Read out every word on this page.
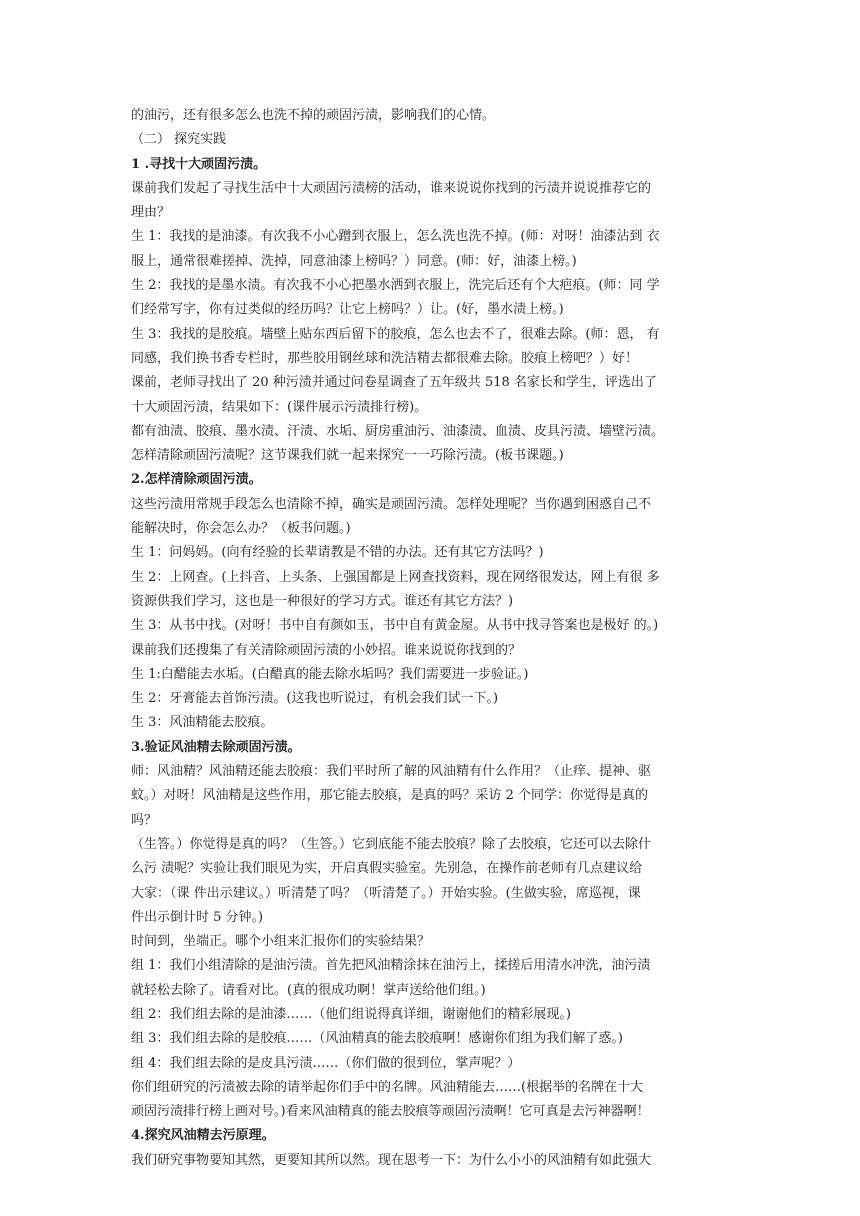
的油污，还有很多怎么也洗不掉的顽固污渍，影响我们的心情。
（二） 探究实践
1 .寻找十大顽固污渍。
课前我们发起了寻找生活中十大顽固污渍榜的活动，谁来说说你找到的污渍并说说推荐它的
理由？
生 1：我找的是油漆。有次我不小心蹭到衣服上，怎么洗也洗不掉。(师：对呀！油漆沾到 衣
服上，通常很难搓掉、洗掉，同意油漆上榜吗？）同意。(师：好，油漆上榜。)
生 2：我找的是墨水渍。有次我不小心把墨水洒到衣服上，洗完后还有个大疤痕。(师：同 学
们经常写字，你有过类似的经历吗？让它上榜吗？）让。(好，墨水渍上榜。)
生 3：我找的是胶痕。墙壁上贴东西后留下的胶痕，怎么也去不了，很难去除。(师：恩， 有
同感，我们换书香专栏时，那些胶用钢丝球和洗洁精去都很难去除。胶痕上榜吧？）好！
课前，老师寻找出了 20 种污渍并通过问卷星调查了五年级共 518 名家长和学生，评选出了
十大顽固污渍，结果如下：(课件展示污渍排行榜)。
都有油渍、胶痕、墨水渍、汗渍、水垢、厨房重油污、油漆渍、血渍、皮具污渍、墙壁污渍。
怎样清除顽固污渍呢？这节课我们就一起来探究一一巧除污渍。(板书课题。)
2.怎样清除顽固污渍。
这些污渍用常规手段怎么也清除不掉，确实是顽固污渍。怎样处理呢？当你遇到困惑自己不
能解决时，你会怎么办？（板书问题。)
生 1：问妈妈。(向有经验的长辈请教是不错的办法。还有其它方法吗？)
生 2：上网查。(上抖音、上头条、上强国都是上网查找资料，现在网络很发达，网上有很 多
资源供我们学习，这也是一种很好的学习方式。谁还有其它方法？)
生 3：从书中找。(对呀！书中自有颜如玉，书中自有黄金屋。从书中找寻答案也是极好 的。)
课前我们还搜集了有关清除顽固污渍的小妙招。谁来说说你找到的？
生 1:白醋能去水垢。(白醋真的能去除水垢吗？我们需要进一步验证。)
生 2：牙膏能去首饰污渍。(这我也听说过，有机会我们试一下。)
生 3：风油精能去胶痕。
3.验证风油精去除顽固污渍。
师：风油精？风油精还能去胶痕：我们平时所了解的风油精有什么作用？（止痒、提神、驱
蚊。）对呀！风油精是这些作用，那它能去胶痕，是真的吗？采访 2 个同学：你觉得是真的
吗？
（生答。）你觉得是真的吗？（生答。）它到底能不能去胶痕？除了去胶痕，它还可以去除什
么污 渍呢？实验让我们眼见为实，开启真假实验室。先别急，在操作前老师有几点建议给
大家：（课 件出示建议。）听清楚了吗？（听清楚了。）开始实验。(生做实验，席巡视，课
件出示倒计时 5 分钟。)
时间到，坐端正。哪个小组来汇报你们的实验结果？
组 1：我们小组清除的是油污渍。首先把风油精涂抹在油污上，揉搓后用清水冲洗，油污渍
就轻松去除了。请看对比。(真的很成功啊！掌声送给他们组。)
组 2：我们组去除的是油漆……（他们组说得真详细，谢谢他们的精彩展现。)
组 3：我们组去除的是胶痕……（风油精真的能去胶痕啊！感谢你们组为我们解了惑。)
组 4：我们组去除的是皮具污渍……（你们做的很到位，掌声呢？）
你们组研究的污渍被去除的请举起你们手中的名牌。风油精能去……(根据举的名牌在十大
顽固污渍排行榜上画对号。)看来风油精真的能去胶痕等顽固污渍啊！它可真是去污神器啊！
4.探究风油精去污原理。
我们研究事物要知其然，更要知其所以然。现在思考一下：为什么小小的风油精有如此强大
